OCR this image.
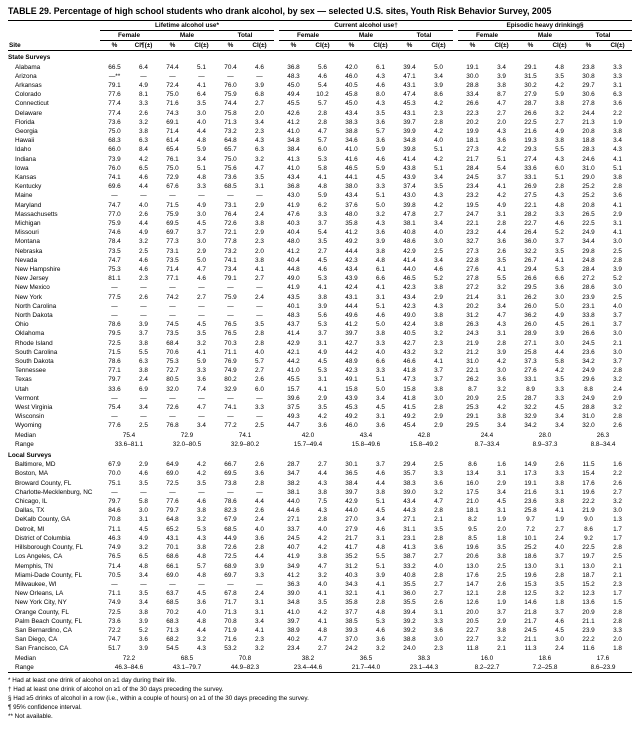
TABLE 29. Percentage of high school students who drank alcohol, by sex — selected U.S. sites, Youth Risk Behavior Survey, 2005
Site	Lifetime alcohol use*							Current alcohol use†							Episodic heavy drinking§					
	Female		Male		Total			Female		Male		Total			Female		Male		Total	
	%	CI¶(±)	%	CI(±)	%	CI(±)		%	CI(±)	%	CI(±)	%	CI(±)		%	CI(±)	%	CI(±)	%	CI(±)
State Surveys																				
Alabama	66.5	6.4	74.4	5.1	70.4	4.6		36.8	5.6	42.0	6.1	39.4	5.0		19.1	3.4	29.1	4.8	23.8	3.3
Arizona	—**	—	—	—	—	—		48.3	4.6	46.0	4.3	47.1	3.4		30.0	3.9	31.5	3.5	30.8	3.3
Arkansas	79.1	4.9	72.4	4.1	76.0	3.9		45.0	5.4	40.5	4.6	43.1	3.9		28.8	3.8	30.2	4.2	29.7	3.1
Colorado	77.6	8.1	75.0	6.4	75.9	6.8		49.4	10.2	45.8	8.0	47.4	8.6		33.4	8.7	27.9	5.9	30.6	6.3
Connecticut	77.4	3.3	71.6	3.5	74.4	2.7		45.5	5.7	45.0	4.3	45.3	4.2		26.6	4.7	28.7	3.8	27.8	3.6
Delaware	77.4	2.6	74.3	3.0	75.8	2.0		42.6	2.8	43.4	3.5	43.1	2.3		22.3	2.7	26.6	3.2	24.4	2.2
Florida	73.6	3.2	69.1	4.0	71.3	3.4		41.2	2.8	38.3	3.6	39.7	2.8		20.2	2.0	22.5	2.7	21.3	1.9
Georgia	75.0	3.8	71.4	4.4	73.2	2.3		41.0	4.7	38.8	5.7	39.9	4.2		19.9	4.3	21.6	4.9	20.8	3.8
Hawaii	68.3	6.3	61.4	4.8	64.8	4.3		34.8	5.7	34.6	3.6	34.8	4.0		18.1	3.6	19.3	3.8	18.8	3.4
Idaho	66.0	8.4	65.4	5.9	65.7	6.3		38.4	6.0	41.0	5.9	39.8	5.1		27.3	4.2	29.3	5.5	28.3	4.3
Indiana	73.9	4.2	76.1	3.4	75.0	3.2		41.3	5.3	41.6	4.6	41.4	4.2		21.7	5.1	27.4	4.3	24.6	4.1
Iowa	76.0	6.5	75.0	5.1	75.6	4.7		41.0	5.8	46.5	5.9	43.8	5.1		28.4	5.4	33.6	6.0	31.0	5.1
Kansas	74.1	4.6	72.9	4.8	73.6	3.5		43.4	4.1	44.1	4.5	43.9	3.4		24.5	3.7	33.1	5.1	29.0	3.8
Kentucky	69.6	4.4	67.6	3.3	68.5	3.1		36.8	4.8	38.0	3.3	37.4	3.5		23.4	4.1	26.9	2.8	25.2	2.8
Maine	—	—	—	—	—	—		43.0	5.9	43.4	5.1	43.0	4.3		23.2	4.2	27.5	4.3	25.2	3.6
Maryland	74.7	4.0	71.5	4.9	73.1	2.9		41.9	6.2	37.6	5.0	39.8	4.2		19.5	4.9	22.1	4.8	20.8	4.1
Massachusetts	77.0	2.6	75.9	3.0	76.4	2.4		47.6	3.3	48.0	3.2	47.8	2.7		24.7	3.1	28.2	3.3	26.5	2.9
Michigan	75.9	4.4	69.5	4.5	72.6	3.8		40.3	3.7	35.8	4.3	38.1	3.4		22.1	2.8	22.7	4.6	22.5	3.1
Missouri	74.6	4.9	69.7	3.7	72.1	2.9		40.4	5.4	41.2	3.6	40.8	4.0		23.2	4.4	26.4	5.2	24.9	4.1
Montana	78.4	3.2	77.3	3.0	77.8	2.3		48.0	3.5	49.2	3.9	48.6	3.0		32.7	3.6	36.0	3.7	34.4	3.0
Nebraska	73.5	2.5	73.1	2.9	73.2	2.0		41.2	2.7	44.4	3.8	42.9	2.5		27.3	2.6	32.2	3.5	29.8	2.5
Nevada	74.7	4.6	73.5	5.0	74.1	3.8		40.4	4.5	42.3	4.8	41.4	3.4		22.8	3.5	26.7	4.1	24.8	2.8
New Hampshire	75.3	4.6	71.4	4.7	73.4	4.1		44.8	4.6	43.4	6.1	44.0	4.6		27.6	4.1	29.4	5.3	28.4	3.9
New Jersey	81.1	2.3	77.1	4.6	79.1	2.7		49.0	5.3	43.9	6.6	46.5	5.2		27.8	5.5	26.6	6.6	27.2	5.2
New Mexico	—	—	—	—	—	—		41.9	4.1	42.4	4.1	42.3	3.8		27.2	3.2	29.5	3.6	28.6	3.0
New York	77.5	2.6	74.2	2.7	75.9	2.4		43.5	3.8	43.1	3.1	43.4	2.9		21.4	3.1	26.2	3.0	23.9	2.5
North Carolina	—	—	—	—	—	—		40.1	3.9	44.4	5.1	42.3	4.3		20.2	3.4	26.0	5.0	23.1	4.0
North Dakota	—	—	—	—	—	—		48.3	5.6	49.6	4.6	49.0	3.8		31.2	4.7	36.2	4.9	33.8	3.7
Ohio	78.6	3.9	74.5	4.5	76.5	3.5		43.7	5.3	41.2	5.0	42.4	3.8		26.3	4.3	26.0	4.5	26.1	3.7
Oklahoma	79.5	3.7	73.5	3.5	76.5	2.8		41.4	3.7	39.7	3.8	40.5	3.2		24.3	3.1	28.9	3.9	26.6	3.0
Rhode Island	72.5	3.8	68.4	3.2	70.3	2.8		42.9	3.1	42.7	3.3	42.7	2.3		21.9	2.8	27.1	3.0	24.5	2.1
South Carolina	71.5	5.5	70.6	4.1	71.1	4.0		42.1	4.9	44.2	4.0	43.2	3.2		21.2	3.9	25.8	4.4	23.6	3.0
South Dakota	78.6	6.3	75.3	5.9	76.9	5.7		44.2	4.5	48.9	6.6	46.6	4.1		31.0	4.2	37.3	5.8	34.2	3.7
Tennessee	77.1	3.8	72.7	3.3	74.9	2.7		41.0	5.3	42.3	3.3	41.8	3.7		22.1	3.0	27.6	4.2	24.9	2.8
Texas	79.7	2.4	80.5	3.6	80.2	2.6		45.5	3.1	49.1	5.1	47.3	3.7		26.2	3.6	33.1	3.5	29.6	3.2
Utah	33.6	6.9	32.0	7.4	32.9	6.0		15.7	4.1	15.8	5.0	15.8	3.8		8.7	3.2	8.9	3.3	8.8	2.4
Vermont	—	—	—	—	—	—		39.6	2.9	43.9	3.4	41.8	3.0		20.9	2.5	28.7	3.3	24.9	2.9
West Virginia	75.4	3.4	72.6	4.7	74.1	3.3		37.5	3.5	45.3	4.5	41.5	2.8		25.3	4.2	32.2	4.5	28.8	3.2
Wisconsin	—	—	—	—	—	—		49.3	4.2	49.2	3.1	49.2	2.9		29.1	3.8	32.9	3.4	31.0	2.8
Wyoming	77.6	2.5	76.8	3.4	77.2	2.5		44.7	3.6	46.0	3.6	45.4	2.9		29.5	3.4	34.2	3.4	32.0	2.6
Median	75.4		72.9		74.1			42.0		43.4		42.8			24.4		28.0		26.3	
Range	33.6–81.1		32.0–80.5		32.9–80.2			15.7–49.4		15.8–49.6		15.8–49.2			8.7–33.4		8.9–37.3		8.8–34.4	
Local Surveys																				
Baltimore, MD	67.9	2.9	64.9	4.2	66.7	2.6		28.7	2.7	30.1	3.7	29.4	2.5		8.6	1.6	14.9	2.6	11.5	1.6
Boston, MA	70.0	4.6	69.0	4.2	69.5	3.6		34.7	4.4	36.5	4.6	35.7	3.3		13.4	3.1	17.3	3.3	15.4	2.2
Broward County, FL	75.1	3.5	72.5	3.5	73.8	2.8		38.2	4.3	38.4	4.4	38.3	3.6		16.0	2.9	19.1	3.8	17.6	2.6
Charlotte-Mecklenburg, NC	—	—	—	—	—	—		38.1	3.8	39.7	3.8	39.0	3.2		17.5	3.4	21.6	3.1	19.6	2.7
Chicago, IL	79.7	5.8	77.6	4.6	78.6	4.4		44.0	7.5	42.9	5.1	43.4	4.7		21.0	4.5	23.6	3.8	22.2	3.2
Dallas, TX	84.6	3.0	79.7	3.8	82.3	2.6		44.6	4.3	44.0	4.5	44.3	2.8		18.1	3.1	25.8	4.1	21.9	3.0
DeKalb County, GA	70.8	3.1	64.8	3.2	67.9	2.4		27.1	2.8	27.0	3.4	27.1	2.1		8.2	1.9	9.7	1.9	9.0	1.3
Detroit, MI	71.1	4.5	65.2	5.3	68.5	4.0		33.7	4.0	27.9	4.6	31.1	3.5		9.5	2.0	7.2	2.7	8.6	1.7
District of Columbia	46.3	4.9	43.1	4.3	44.9	3.6		24.5	4.2	21.7	3.1	23.1	2.8		8.5	1.8	10.1	2.4	9.2	1.7
Hillsborough County, FL	74.9	3.2	70.1	3.8	72.6	2.8		40.7	4.2	41.7	4.8	41.3	3.6		19.6	3.5	25.2	4.0	22.5	2.8
Los Angeles, CA	76.5	6.5	68.6	4.8	72.5	4.4		41.9	3.8	35.2	5.5	38.7	2.7		20.6	3.8	18.6	3.7	19.7	2.5
Memphis, TN	71.4	4.8	66.1	5.7	68.9	3.9		34.9	4.7	31.2	5.1	33.2	4.0		13.0	2.5	13.0	3.1	13.0	2.1
Miami-Dade County, FL	70.5	3.4	69.0	4.8	69.7	3.3		41.2	3.2	40.3	3.9	40.8	2.8		17.6	2.5	19.6	2.8	18.7	2.1
Milwaukee, WI	—	—	—	—	—	—		36.3	4.0	34.3	4.1	35.5	2.7		14.7	2.6	15.3	3.5	15.2	2.3
New Orleans, LA	71.1	3.5	63.7	4.5	67.8	2.4		39.0	4.1	32.1	4.1	36.0	2.7		12.1	2.8	12.5	3.2	12.3	1.7
New York City, NY	74.9	3.4	68.5	3.6	71.7	3.1		34.8	3.5	35.8	2.8	35.5	2.6		12.6	1.9	14.6	1.8	13.6	1.5
Orange County, FL	72.5	3.8	70.2	4.0	71.3	3.1		41.0	4.2	37.7	4.8	39.4	3.1		20.0	3.7	21.8	3.7	20.9	2.8
Palm Beach County, FL	73.6	3.9	68.3	4.8	70.8	3.4		39.7	4.1	38.5	5.3	39.2	3.3		20.5	2.9	21.7	4.6	21.1	2.8
San Bernardino, CA	72.2	5.2	71.3	4.4	71.9	4.1		38.9	4.8	39.3	4.6	39.2	3.6		22.7	3.8	24.5	4.5	23.9	3.3
San Diego, CA	74.7	3.6	68.2	3.2	71.6	2.3		40.2	4.7	37.0	3.6	38.8	3.0		22.7	3.2	21.1	3.0	22.2	2.0
San Francisco, CA	51.7	3.9	54.5	4.3	53.2	3.2		23.4	2.7	24.2	3.2	24.0	2.3		11.8	2.1	11.3	2.4	11.6	1.8
Median	72.2		68.5		70.8			38.2		36.5		38.3			16.0		18.6		17.6	
Range	46.3–84.6		43.1–79.7		44.9–82.3			23.4–44.6		21.7–44.0		23.1–44.3			8.2–22.7		7.2–25.8		8.6–23.9	
* Had at least one drink of alcohol on ≥1 day during their life.
† Had at least one drink of alcohol on ≥1 of the 30 days preceding the survey.
§ Had ≥5 drinks of alcohol in a row (i.e., within a couple of hours) on ≥1 of the 30 days preceding the survey.
¶ 95% confidence interval.
** Not available.
